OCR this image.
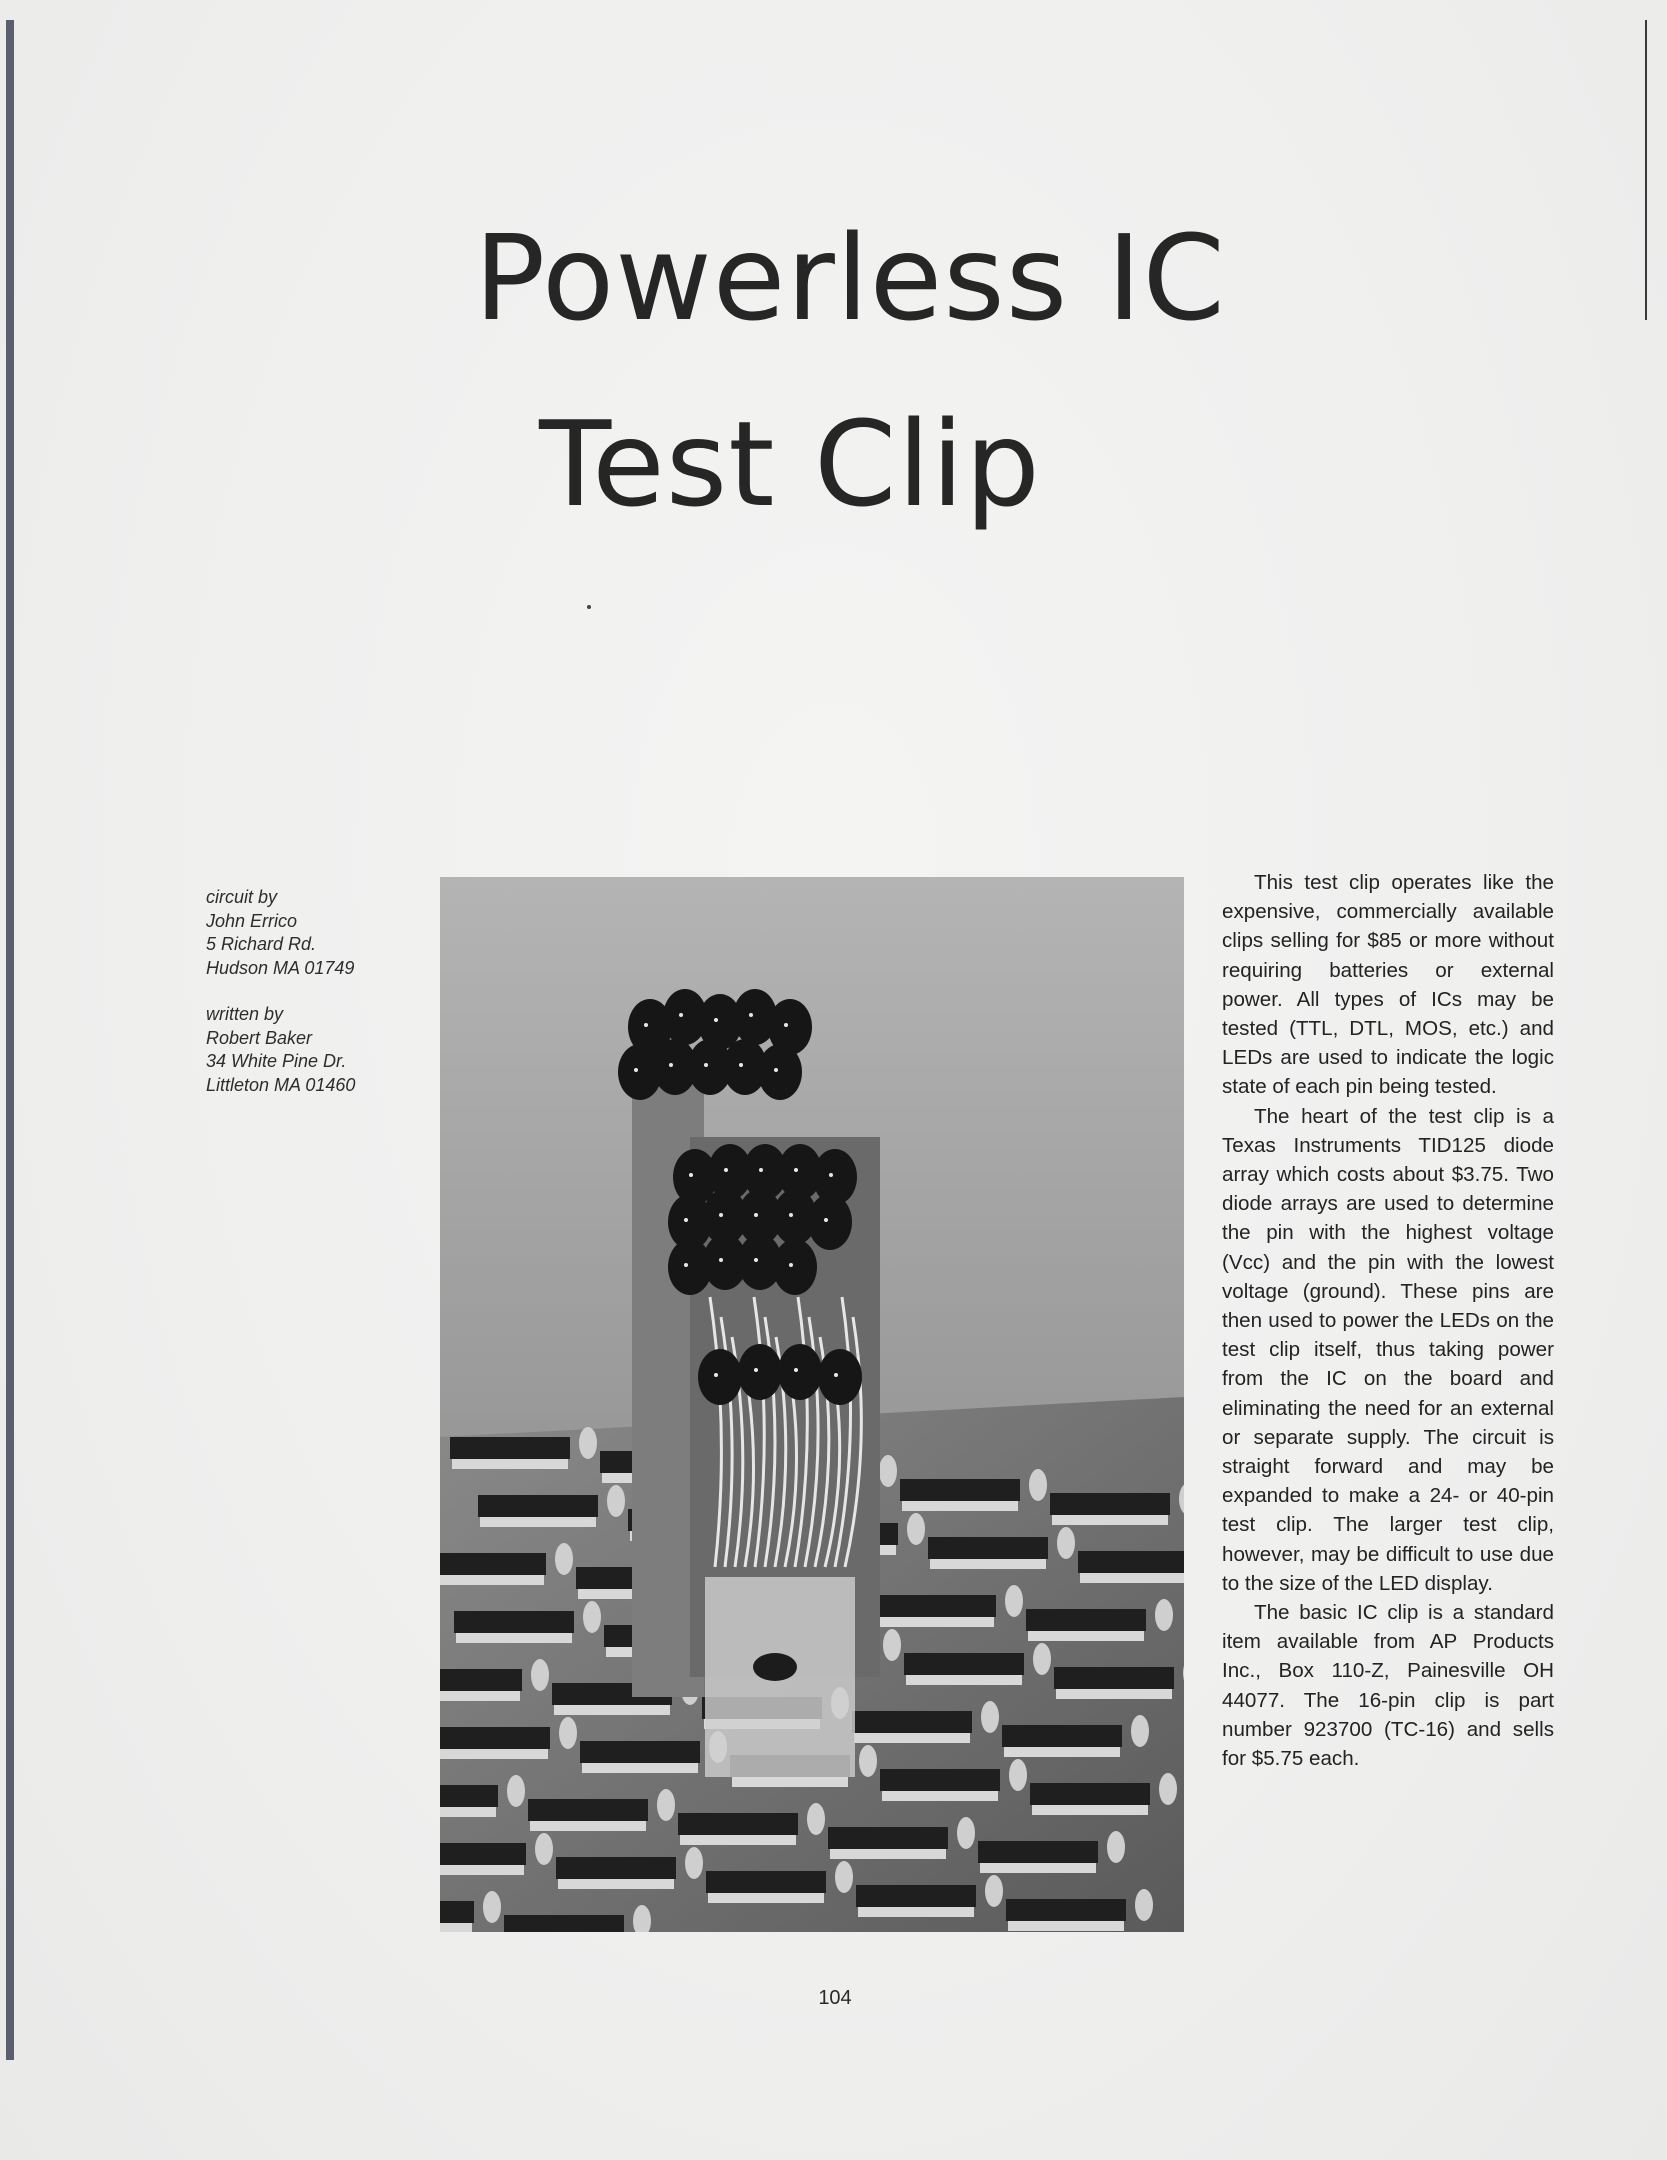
Powerless IC
Test Clip
circuit by
John Errico
5 Richard Rd.
Hudson MA 01749
written by
Robert Baker
34 White Pine Dr.
Littleton MA 01460

This test clip operates like the expensive, commercially available clips selling for $85 or more without requiring batteries or external power. All types of ICs may be tested (TTL, DTL, MOS, etc.) and LEDs are used to indicate the logic state of each pin being tested.

The heart of the test clip is a Texas Instruments TID125 diode array which costs about $3.75. Two diode arrays are used to determine the pin with the highest voltage (Vcc) and the pin with the lowest voltage (ground). These pins are then used to power the LEDs on the test clip itself, thus taking power from the IC on the board and eliminating the need for an external or separate supply. The circuit is straight forward and may be expanded to make a 24- or 40-pin test clip. The larger test clip, however, may be difficult to use due to the size of the LED display.

The basic IC clip is a standard item available from AP Products Inc., Box 110-Z, Painesville OH 44077. The 16-pin clip is part number 923700 (TC-16) and sells for $5.75 each.

104
